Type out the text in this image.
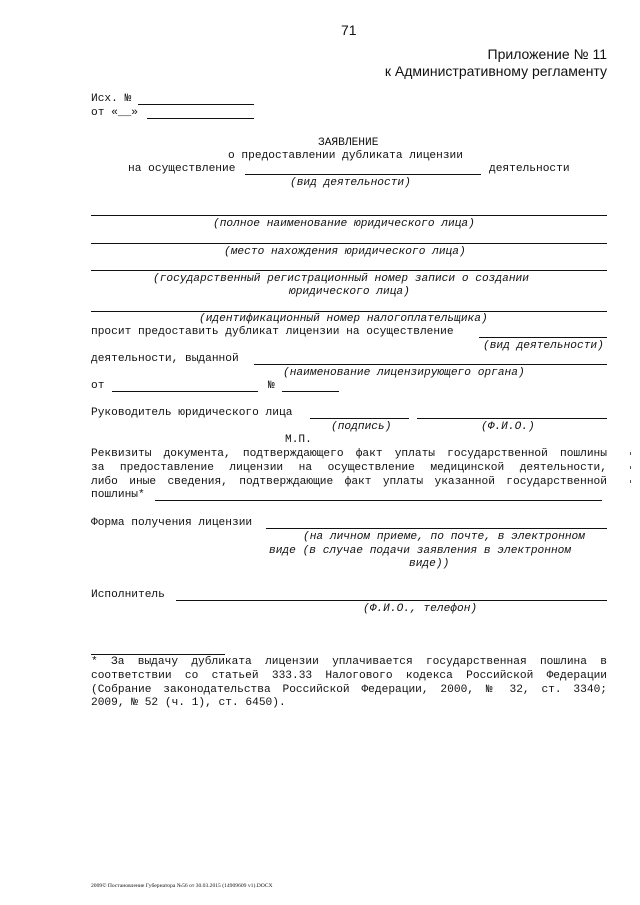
71
Приложение № 11
к Административному регламенту
Исх. №
от «__»
ЗАЯВЛЕНИЕ
о предоставлении дубликата лицензии
на осуществление	деятельности
(вид деятельности)
(полное наименование юридического лица)
(место нахождения юридического лица)
(государственный регистрационный номер записи о создании
юридического лица)
(идентификационный номер налогоплательщика)
просит предоставить дубликат лицензии на осуществление
(вид деятельности)
деятельности, выданной
(наименование лицензирующего органа)
от	№
Руководитель юридического лица
(подпись)	(Ф.И.О.)
М.П.
Реквизиты документа, подтверждающего факт уплаты государственной пошлины
за предоставление лицензии на осуществление медицинской деятельности,
либо иные сведения, подтверждающие факт уплаты указанной государственной
пошлины*
Форма получения лицензии
(на личном приеме, по почте, в электронном
виде (в случае подачи заявления в электронном
виде))
Исполнитель
(Ф.И.О., телефон)
* За выдачу дубликата лицензии уплачивается государственная пошлина в
соответствии со статьей 333.33 Налогового кодекса Российской Федерации
(Собрание законодательства Российской Федерации, 2000, № 32, ст. 3340;
2009, № 52 (ч. 1), ст. 6450).
2009© Постановление Губернатора №56 от 30.03.2015 (14909609 v1).DOCX
